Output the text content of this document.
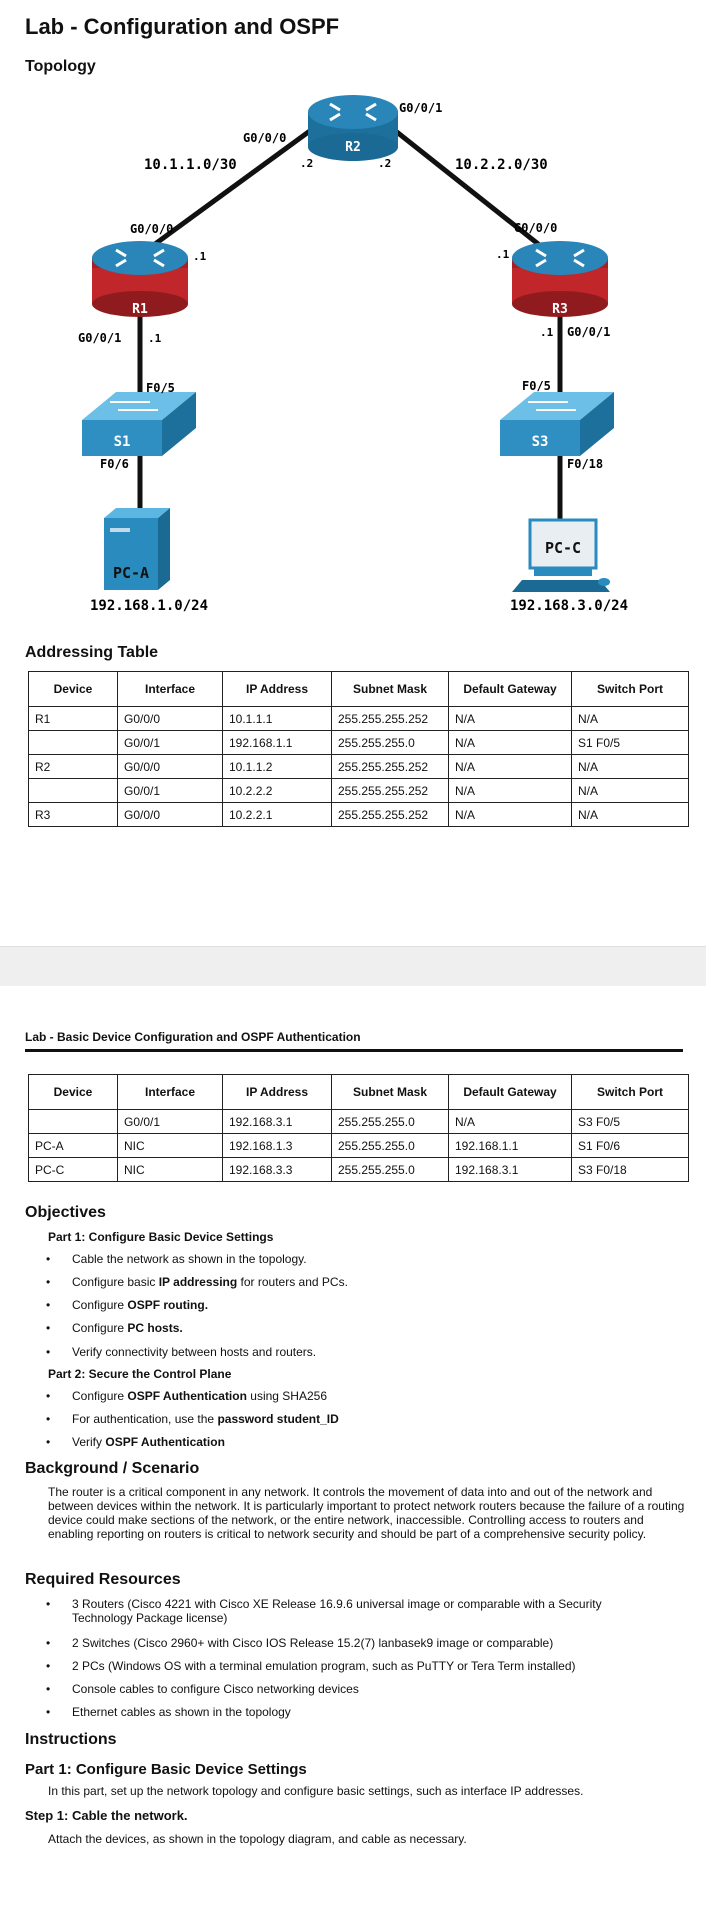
Lab - Configuration and OSPF
Topology
R2
R1	R3
S1	S3
PC-A
PC-C
G0/0/0
G0/0/1
.2	.2
10.1.1.0/30	10.2.2.0/30
G0/0/0
.1
G0/0/1 .1
F0/5
F0/6
192.168.1.0/24
G0/0/0
.1
.1 G0/0/1
F0/5
F0/18
192.168.3.0/24
Addressing Table
Device	Interface	IP Address	Subnet Mask	Default Gateway	Switch Port
R1	G0/0/0	10.1.1.1	255.255.255.252	N/A	N/A
	G0/0/1	192.168.1.1	255.255.255.0	N/A	S1 F0/5
R2	G0/0/0	10.1.1.2	255.255.255.252	N/A	N/A
	G0/0/1	10.2.2.2	255.255.255.252	N/A	N/A
R3	G0/0/0	10.2.2.1	255.255.255.252	N/A	N/A
Lab - Basic Device Configuration and OSPF Authentication
Device	Interface	IP Address	Subnet Mask	Default Gateway	Switch Port
	G0/0/1	192.168.3.1	255.255.255.0	N/A	S3 F0/5
PC-A	NIC	192.168.1.3	255.255.255.0	192.168.1.1	S1 F0/6
PC-C	NIC	192.168.3.3	255.255.255.0	192.168.3.1	S3 F0/18
Objectives
Part 1: Configure Basic Device Settings
• Cable the network as shown in the topology.
• Configure basic IP addressing for routers and PCs.
• Configure OSPF routing.
• Configure PC hosts.
• Verify connectivity between hosts and routers.
Part 2: Secure the Control Plane
• Configure OSPF Authentication using SHA256
• For authentication, use the password student_ID
• Verify OSPF Authentication
Background / Scenario
The router is a critical component in any network. It controls the movement of data into and out of the network and between devices within the network. It is particularly important to protect network routers because the failure of a routing device could make sections of the network, or the entire network, inaccessible. Controlling access to routers and enabling reporting on routers is critical to network security and should be part of a comprehensive security policy.
Required Resources
• 3 Routers (Cisco 4221 with Cisco XE Release 16.9.6 universal image or comparable with a Security Technology Package license)
• 2 Switches (Cisco 2960+ with Cisco IOS Release 15.2(7) lanbasek9 image or comparable)
• 2 PCs (Windows OS with a terminal emulation program, such as PuTTY or Tera Term installed)
• Console cables to configure Cisco networking devices
• Ethernet cables as shown in the topology
Instructions
Part 1: Configure Basic Device Settings
In this part, set up the network topology and configure basic settings, such as interface IP addresses.
Step 1: Cable the network.
Attach the devices, as shown in the topology diagram, and cable as necessary.
